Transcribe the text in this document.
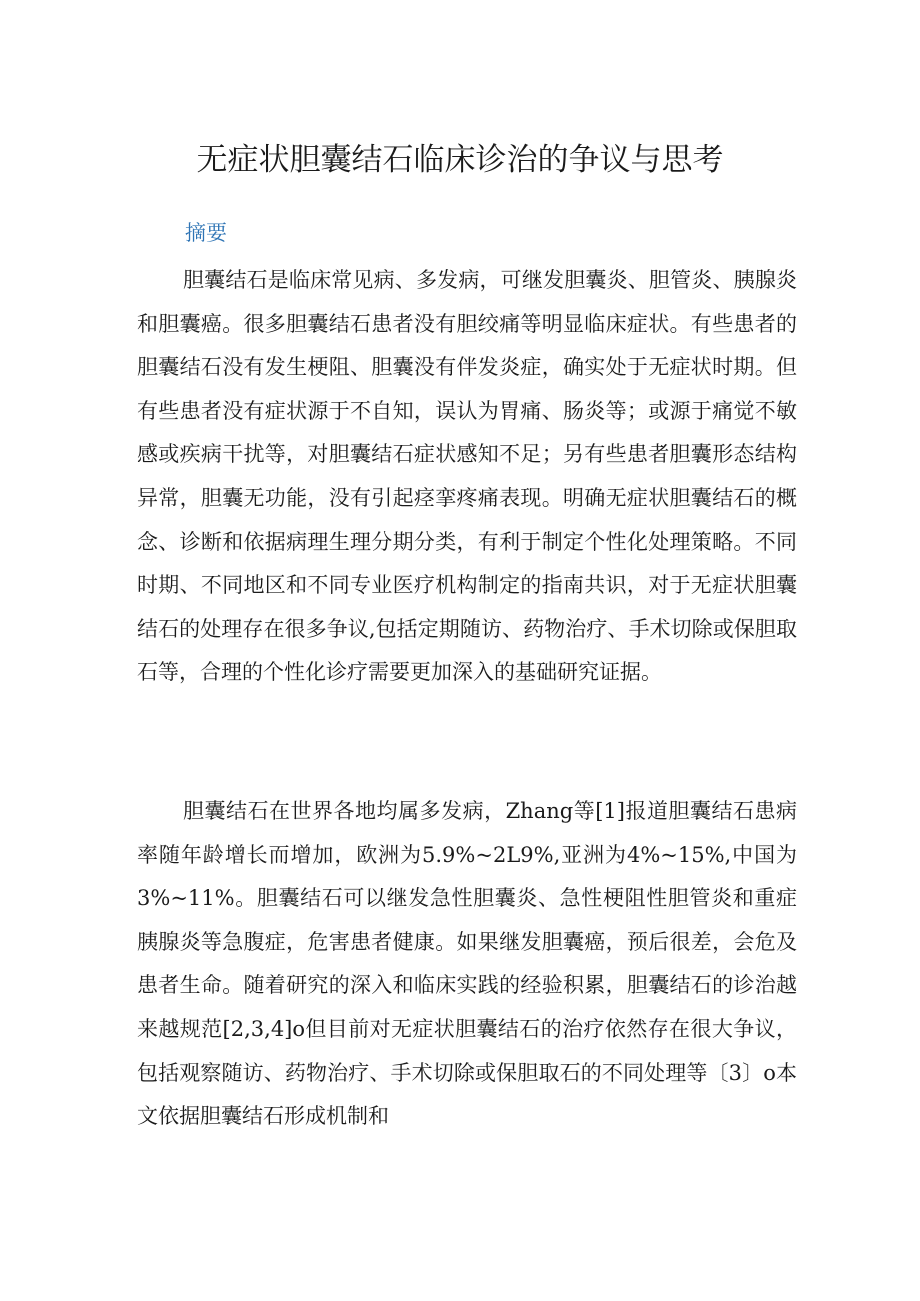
无症状胆囊结石临床诊治的争议与思考

摘要

胆囊结石是临床常见病、多发病，可继发胆囊炎、胆管炎、胰腺炎和胆囊癌。很多胆囊结石患者没有胆绞痛等明显临床症状。有些患者的胆囊结石没有发生梗阻、胆囊没有伴发炎症，确实处于无症状时期。但有些患者没有症状源于不自知，误认为胃痛、肠炎等；或源于痛觉不敏感或疾病干扰等，对胆囊结石症状感知不足；另有些患者胆囊形态结构异常，胆囊无功能，没有引起痉挛疼痛表现。明确无症状胆囊结石的概念、诊断和依据病理生理分期分类，有利于制定个性化处理策略。不同时期、不同地区和不同专业医疗机构制定的指南共识，对于无症状胆囊结石的处理存在很多争议,包括定期随访、药物治疗、手术切除或保胆取石等，合理的个性化诊疗需要更加深入的基础研究证据。

胆囊结石在世界各地均属多发病，Zhang等[1]报道胆囊结石患病率随年龄增长而增加，欧洲为5.9%~2L9%,亚洲为4%~15%,中国为3%~11%。胆囊结石可以继发急性胆囊炎、急性梗阻性胆管炎和重症胰腺炎等急腹症，危害患者健康。如果继发胆囊癌，预后很差，会危及患者生命。随着研究的深入和临床实践的经验积累，胆囊结石的诊治越来越规范[2,3,4]o但目前对无症状胆囊结石的治疗依然存在很大争议，包括观察随访、药物治疗、手术切除或保胆取石的不同处理等〔3〕o本文依据胆囊结石形成机制和
